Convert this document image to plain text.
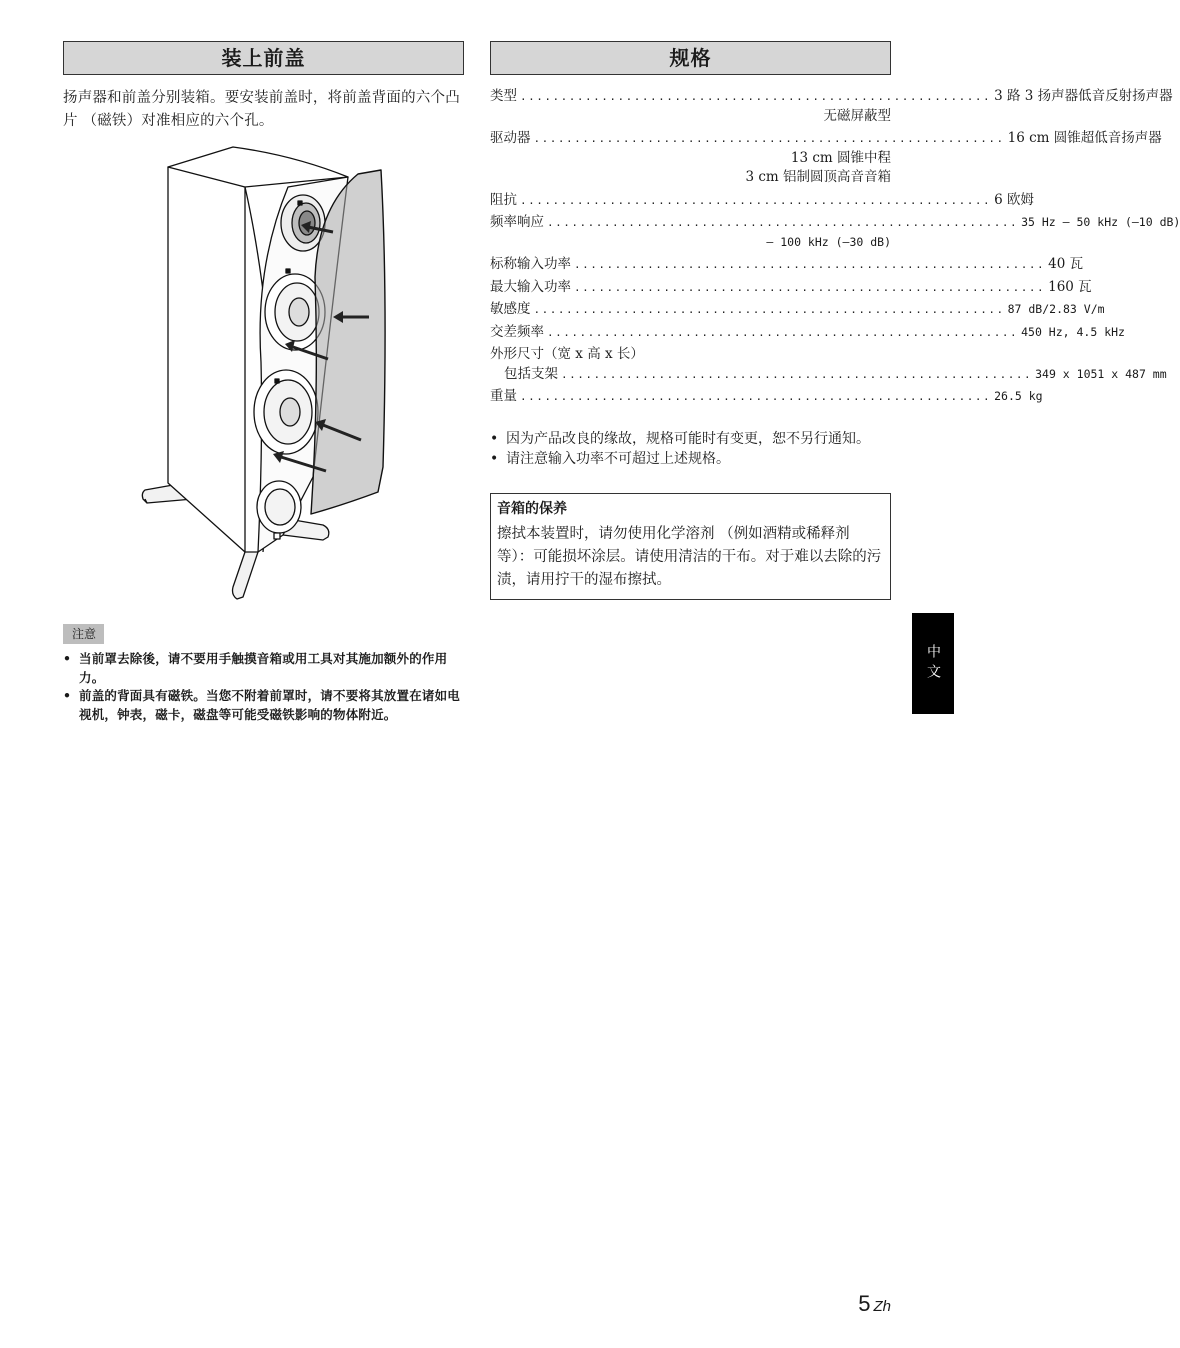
装上前盖

扬声器和前盖分别装箱。要安装前盖时，将前盖背面的六个凸片 （磁铁）对准相应的六个孔。

注意
• 当前罩去除後，请不要用手触摸音箱或用工具对其施加额外的作用力。
• 前盖的背面具有磁铁。当您不附着前罩时，请不要将其放置在诸如电视机，钟表，磁卡，磁盘等可能受磁铁影响的物体附近。
规格
类型 .......................................................... 3 路 3 扬声器低音反射扬声器
无磁屏蔽型
驱动器 .......................................................... 16 cm 圆锥超低音扬声器
13 cm 圆锥中程
3 cm 铝制圆顶高音音箱
阻抗 .......................................................... 6 欧姆
频率响应 .......................................................... 35 Hz – 50 kHz (–10 dB)
– 100 kHz (–30 dB)
标称输入功率 .......................................................... 40 瓦
最大输入功率 .......................................................... 160 瓦
敏感度 .......................................................... 87 dB/2.83 V/m
交差频率 .......................................................... 450 Hz, 4.5 kHz
外形尺寸（宽 x 高 x 长）
包括支架 .......................................................... 349 x 1051 x 487 mm
重量 .......................................................... 26.5 kg
• 因为产品改良的缘故，规格可能时有变更，恕不另行通知。
• 请注意输入功率不可超过上述规格。
音箱的保养
擦拭本装置时，请勿使用化学溶剂 （例如酒精或稀释剂等）：可能损坏涂层。请使用清洁的干布。对于难以去除的污渍，请用拧干的湿布擦拭。
中文
5 Zh
